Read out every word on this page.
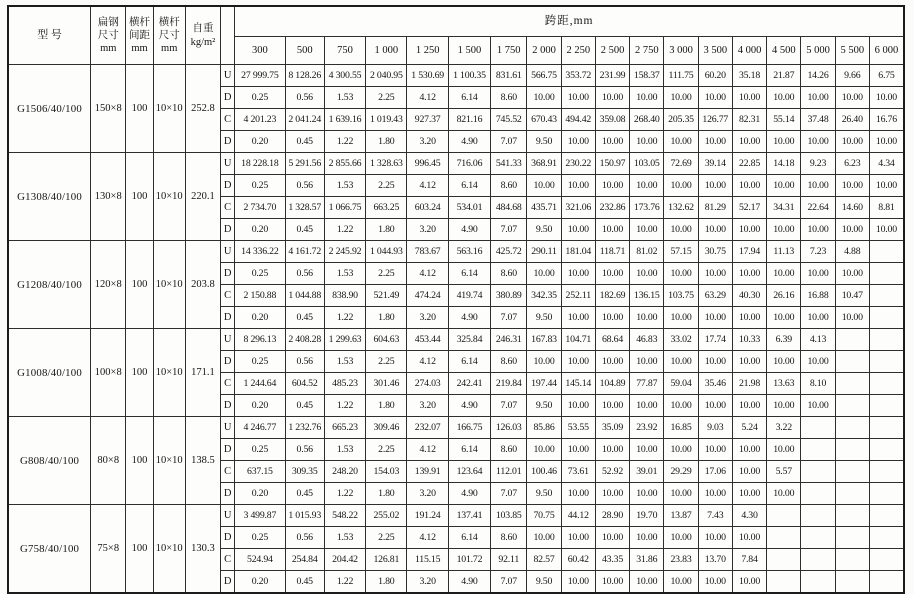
型 号	扁钢
尺寸
mm	横杆
间距
mm	横杆
尺寸
mm	自重
kg/m²		跨距,mm																	
						300	500	750	1 000	1 250	1 500	1 750	2 000	2 250	2 500	2 750	3 000	3 500	4 000	4 500	5 000	5 500	6 000
G1506/40/100	150×8	100	10×10	252.8	U	27 999.75	8 128.26	4 300.55	2 040.95	1 530.69	1 100.35	831.61	566.75	353.72	231.99	158.37	111.75	60.20	35.18	21.87	14.26	9.66	6.75
					D	0.25	0.56	1.53	2.25	4.12	6.14	8.60	10.00	10.00	10.00	10.00	10.00	10.00	10.00	10.00	10.00	10.00	10.00
					C	4 201.23	2 041.24	1 639.16	1 019.43	927.37	821.16	745.52	670.43	494.42	359.08	268.40	205.35	126.77	82.31	55.14	37.48	26.40	16.76
					D	0.20	0.45	1.22	1.80	3.20	4.90	7.07	9.50	10.00	10.00	10.00	10.00	10.00	10.00	10.00	10.00	10.00	10.00
G1308/40/100	130×8	100	10×10	220.1	U	18 228.18	5 291.56	2 855.66	1 328.63	996.45	716.06	541.33	368.91	230.22	150.97	103.05	72.69	39.14	22.85	14.18	9.23	6.23	4.34
					D	0.25	0.56	1.53	2.25	4.12	6.14	8.60	10.00	10.00	10.00	10.00	10.00	10.00	10.00	10.00	10.00	10.00	10.00
					C	2 734.70	1 328.57	1 066.75	663.25	603.24	534.01	484.68	435.71	321.06	232.86	173.76	132.62	81.29	52.17	34.31	22.64	14.60	8.81
					D	0.20	0.45	1.22	1.80	3.20	4.90	7.07	9.50	10.00	10.00	10.00	10.00	10.00	10.00	10.00	10.00	10.00	10.00
G1208/40/100	120×8	100	10×10	203.8	U	14 336.22	4 161.72	2 245.92	1 044.93	783.67	563.16	425.72	290.11	181.04	118.71	81.02	57.15	30.75	17.94	11.13	7.23	4.88	
					D	0.25	0.56	1.53	2.25	4.12	6.14	8.60	10.00	10.00	10.00	10.00	10.00	10.00	10.00	10.00	10.00	10.00	
					C	2 150.88	1 044.88	838.90	521.49	474.24	419.74	380.89	342.35	252.11	182.69	136.15	103.75	63.29	40.30	26.16	16.88	10.47	
					D	0.20	0.45	1.22	1.80	3.20	4.90	7.07	9.50	10.00	10.00	10.00	10.00	10.00	10.00	10.00	10.00	10.00	
G1008/40/100	100×8	100	10×10	171.1	U	8 296.13	2 408.28	1 299.63	604.63	453.44	325.84	246.31	167.83	104.71	68.64	46.83	33.02	17.74	10.33	6.39	4.13		
					D	0.25	0.56	1.53	2.25	4.12	6.14	8.60	10.00	10.00	10.00	10.00	10.00	10.00	10.00	10.00	10.00		
					C	1 244.64	604.52	485.23	301.46	274.03	242.41	219.84	197.44	145.14	104.89	77.87	59.04	35.46	21.98	13.63	8.10		
					D	0.20	0.45	1.22	1.80	3.20	4.90	7.07	9.50	10.00	10.00	10.00	10.00	10.00	10.00	10.00	10.00		
G808/40/100	80×8	100	10×10	138.5	U	4 246.77	1 232.76	665.23	309.46	232.07	166.75	126.03	85.86	53.55	35.09	23.92	16.85	9.03	5.24	3.22			
					D	0.25	0.56	1.53	2.25	4.12	6.14	8.60	10.00	10.00	10.00	10.00	10.00	10.00	10.00	10.00			
					C	637.15	309.35	248.20	154.03	139.91	123.64	112.01	100.46	73.61	52.92	39.01	29.29	17.06	10.00	5.57			
					D	0.20	0.45	1.22	1.80	3.20	4.90	7.07	9.50	10.00	10.00	10.00	10.00	10.00	10.00	10.00			
G758/40/100	75×8	100	10×10	130.3	U	3 499.87	1 015.93	548.22	255.02	191.24	137.41	103.85	70.75	44.12	28.90	19.70	13.87	7.43	4.30				
					D	0.25	0.56	1.53	2.25	4.12	6.14	8.60	10.00	10.00	10.00	10.00	10.00	10.00	10.00				
					C	524.94	254.84	204.42	126.81	115.15	101.72	92.11	82.57	60.42	43.35	31.86	23.83	13.70	7.84				
					D	0.20	0.45	1.22	1.80	3.20	4.90	7.07	9.50	10.00	10.00	10.00	10.00	10.00	10.00				
